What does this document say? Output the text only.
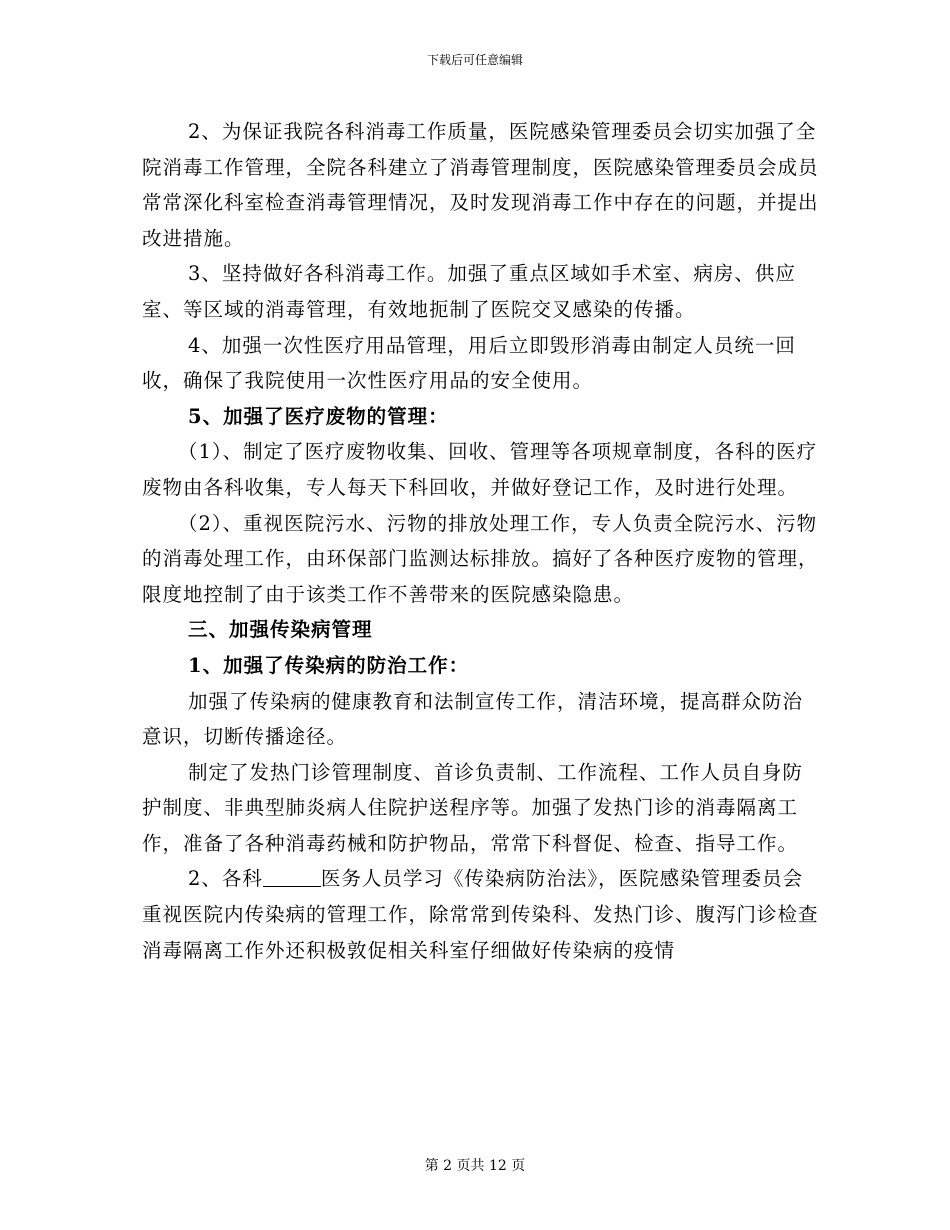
下载后可任意编辑

2、为保证我院各科消毒工作质量，医院感染管理委员会切实加强了全院消毒工作管理，全院各科建立了消毒管理制度，医院感染管理委员会成员常常深化科室检查消毒管理情况，及时发现消毒工作中存在的问题，并提出改进措施。

3、坚持做好各科消毒工作。加强了重点区域如手术室、病房、供应室、等区域的消毒管理，有效地扼制了医院交叉感染的传播。

4、加强一次性医疗用品管理，用后立即毁形消毒由制定人员统一回收，确保了我院使用一次性医疗用品的安全使用。

5、加强了医疗废物的管理：

（1）、制定了医疗废物收集、回收、管理等各项规章制度，各科的医疗废物由各科收集，专人每天下科回收，并做好登记工作，及时进行处理。

（2）、重视医院污水、污物的排放处理工作，专人负责全院污水、污物的消毒处理工作，由环保部门监测达标排放。搞好了各种医疗废物的管理，限度地控制了由于该类工作不善带来的医院感染隐患。

三、加强传染病管理

1、加强了传染病的防治工作：

加强了传染病的健康教育和法制宣传工作，清洁环境，提高群众防治意识，切断传播途径。

制定了发热门诊管理制度、首诊负责制、工作流程、工作人员自身防护制度、非典型肺炎病人住院护送程序等。加强了发热门诊的消毒隔离工作，准备了各种消毒药械和防护物品，常常下科督促、检查、指导工作。

2、各科	医务人员学习《传染病防治法》，医院感染管理委员会重视医院内传染病的管理工作，除常常到传染科、发热门诊、腹泻门诊检查消毒隔离工作外还积极敦促相关科室仔细做好传染病的疫情

第 2 页共 12 页
